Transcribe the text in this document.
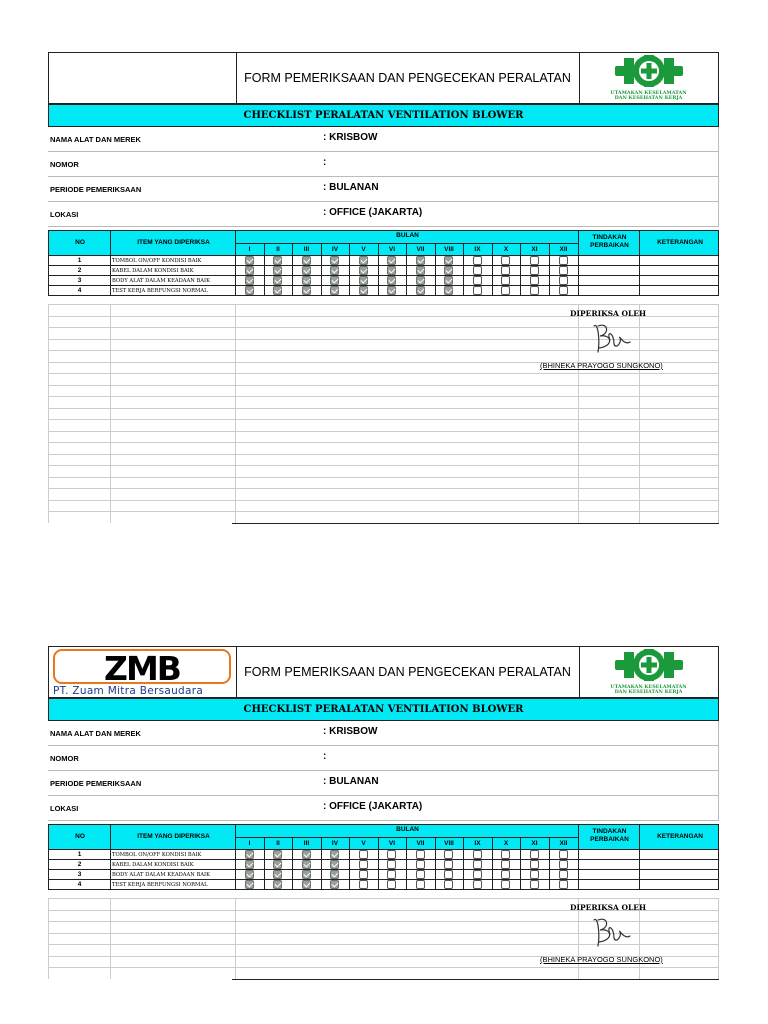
FORM PEMERIKSAAN DAN PENGECEKAN PERALATAN
UTAMAKAN KESELAMATAN
DAN KESEHATAN KERJA
CHECKLIST PERALATAN VENTILATION BLOWER
NAMA ALAT DAN MEREK	: KRISBOW
NOMOR	:
PERIODE PEMERIKSAAN	: BULANAN
LOKASI	: OFFICE (JAKARTA)
NO	ITEM YANG DIPERIKSA
BULAN	TINDAKAN PERBAIKAN	KETERANGAN
I	II	III	IV	V	VI	VII	VIII	IX	X	XI	XII
1	TOMBOL ON/OFF KONDISI BAIK
2	KABEL DALAM KONDISI BAIK
3	BODY ALAT DALAM KEADAAN BAIK
4	TEST KERJA BERFUNGSI NORMAL
DIPERIKSA OLEH
(BHINEKA PRAYOGO SUNGKONO)
ZMB
PT. Zuam Mitra Bersaudara
FORM PEMERIKSAAN DAN PENGECEKAN PERALATAN
UTAMAKAN KESELAMATAN
DAN KESEHATAN KERJA
CHECKLIST PERALATAN VENTILATION BLOWER
NAMA ALAT DAN MEREK	: KRISBOW
NOMOR	:
PERIODE PEMERIKSAAN	: BULANAN
LOKASI	: OFFICE (JAKARTA)
NO	ITEM YANG DIPERIKSA
BULAN	TINDAKAN PERBAIKAN	KETERANGAN
I	II	III	IV	V	VI	VII	VIII	IX	X	XI	XII
1	TOMBOL ON/OFF KONDISI BAIK
2	KABEL DALAM KONDISI BAIK
3	BODY ALAT DALAM KEADAAN BAIK
4	TEST KERJA BERFUNGSI NORMAL
DIPERIKSA OLEH
(BHINEKA PRAYOGO SUNGKONO)
